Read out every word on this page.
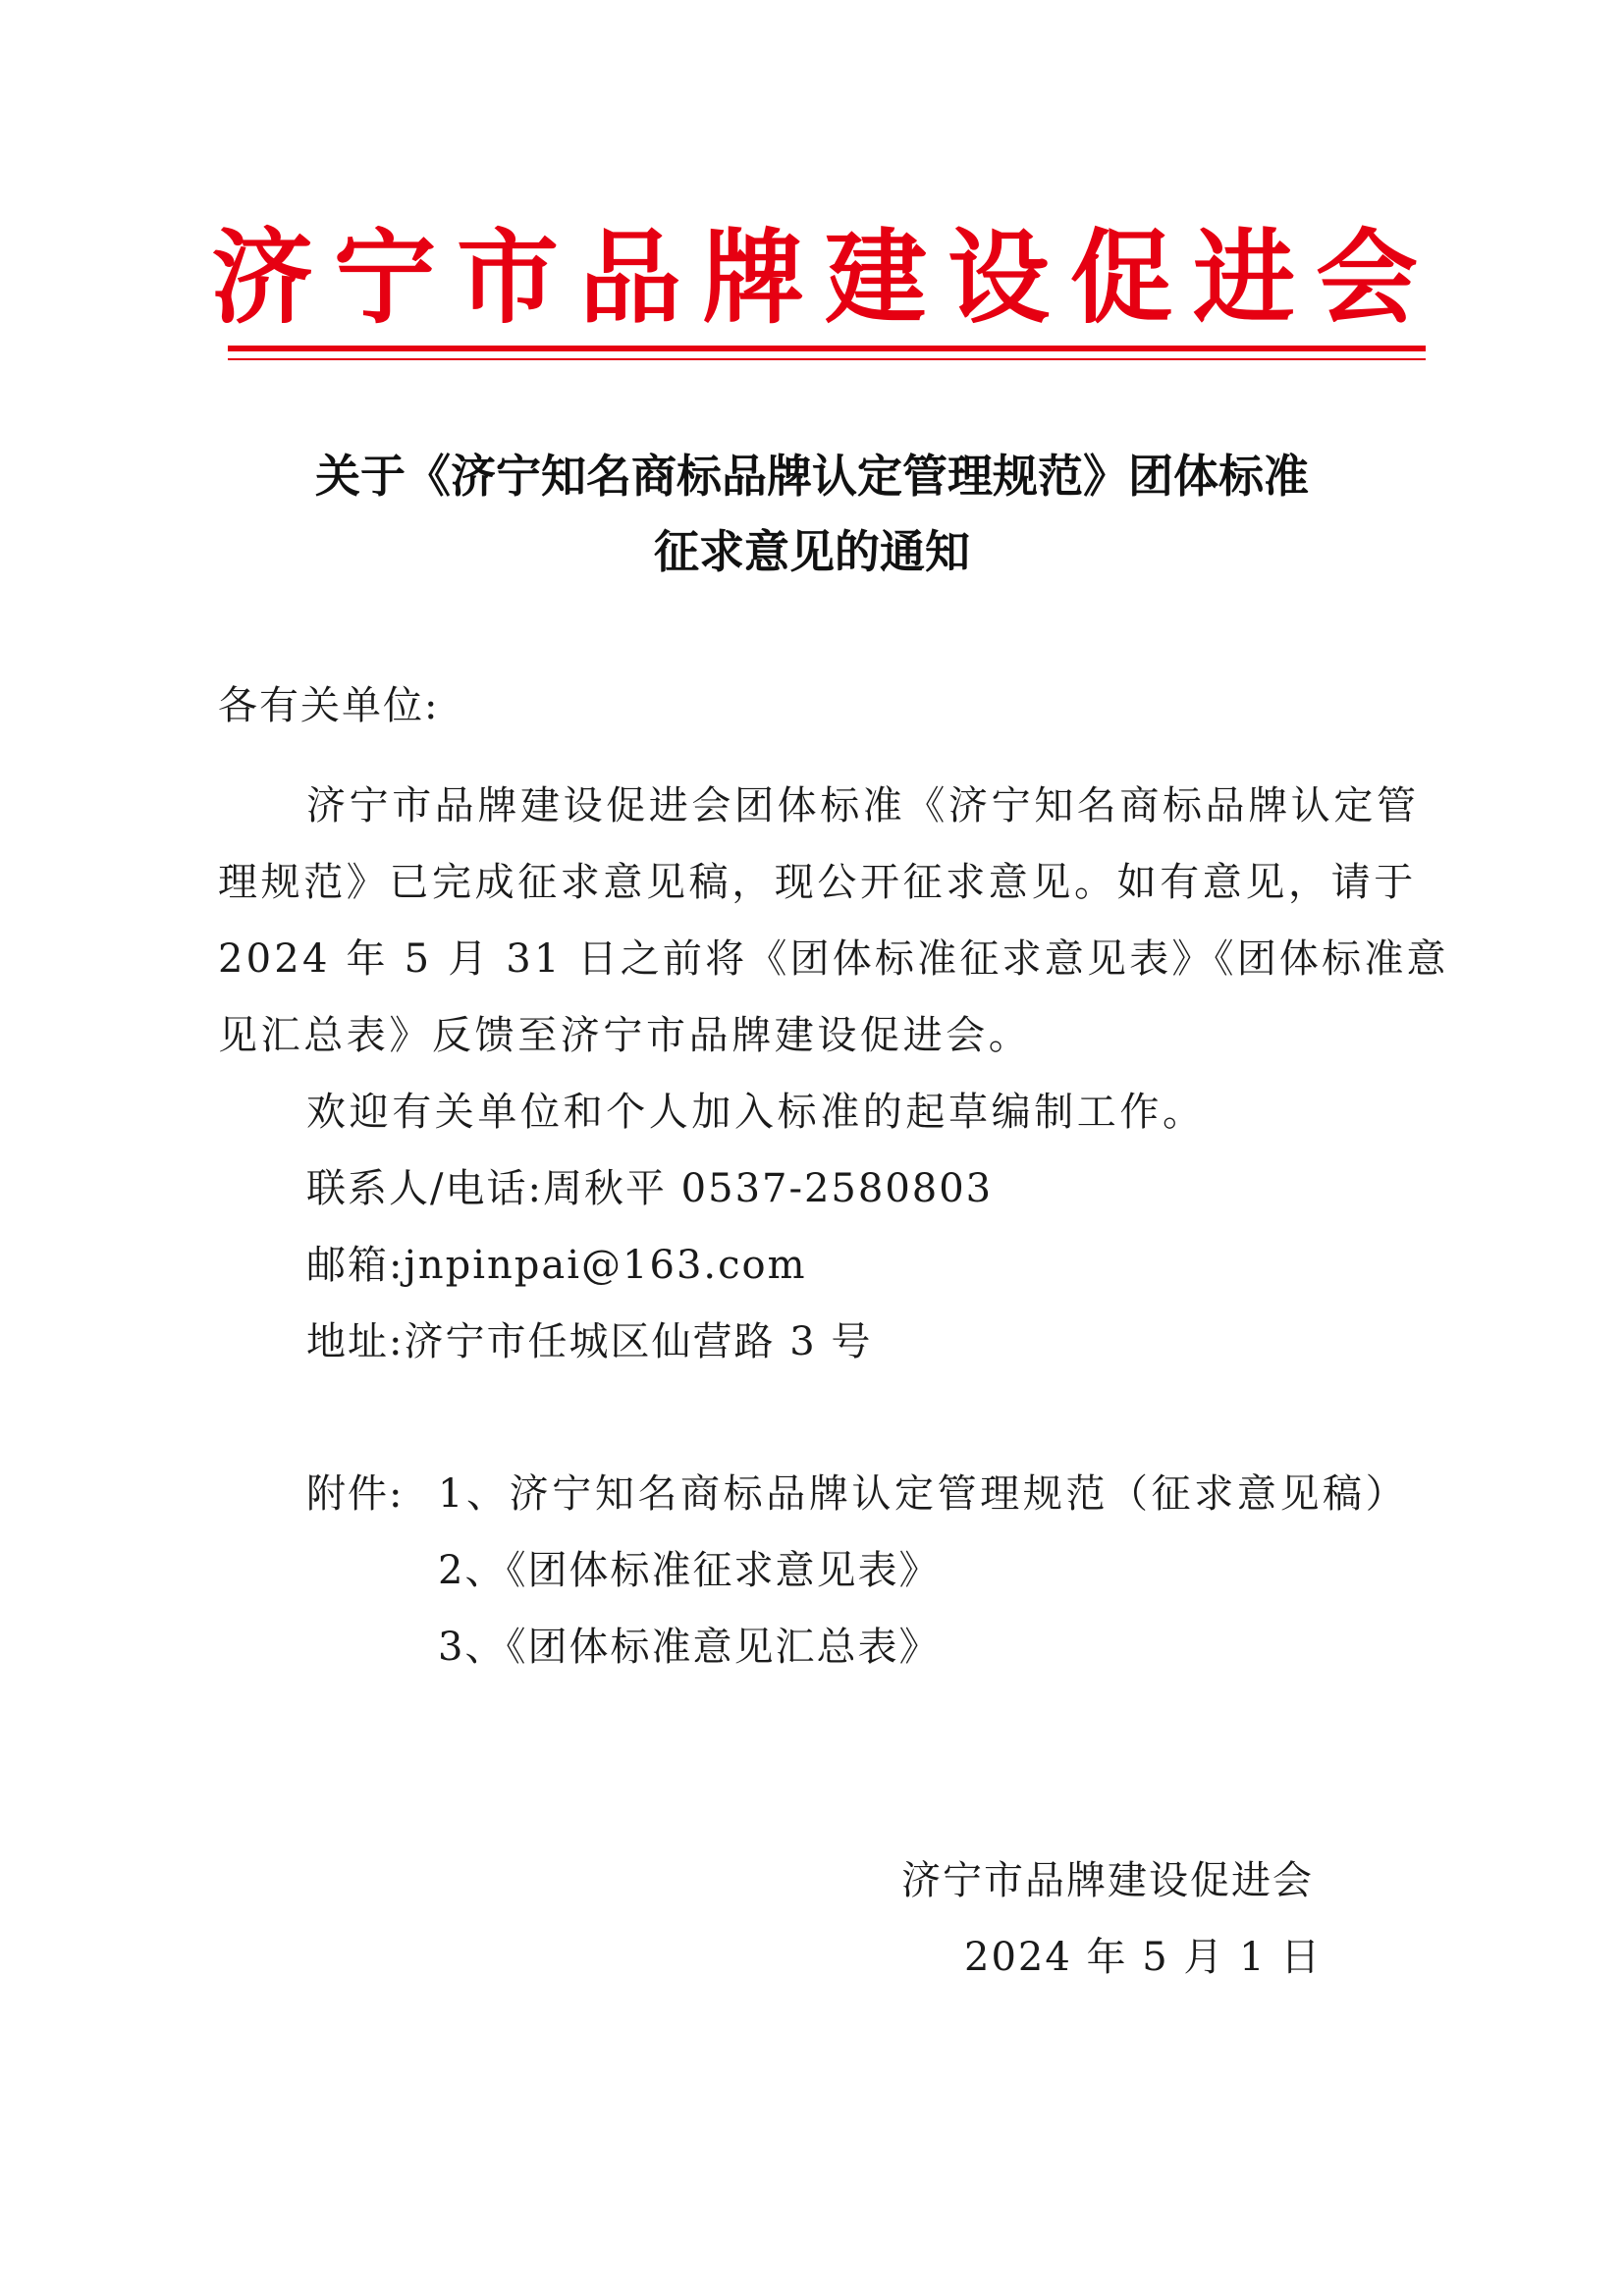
济宁市品牌建设促进会
关于《济宁知名商标品牌认定管理规范》团体标准
征求意见的通知
各有关单位:
济宁市品牌建设促进会团体标准《济宁知名商标品牌认定管
理规范》已完成征求意见稿，现公开征求意见。如有意见，请于
2024 年 5 月 31 日之前将《团体标准征求意见表》《团体标准意
见汇总表》反馈至济宁市品牌建设促进会。
欢迎有关单位和个人加入标准的起草编制工作。
联系人/电话:周秋平 0537-2580803
邮箱:jnpinpai@163.com
地址:济宁市任城区仙营路 3 号
附件: 1、济宁知名商标品牌认定管理规范（征求意见稿）
2、《团体标准征求意见表》
3、《团体标准意见汇总表》
济宁市品牌建设促进会
2024 年 5 月 1 日
